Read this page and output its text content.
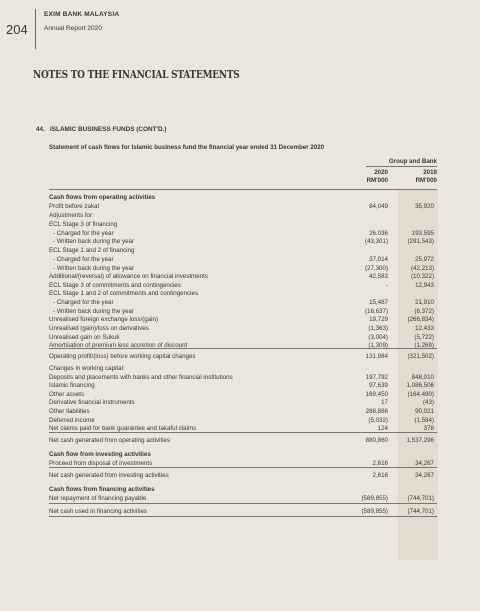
204
EXIM BANK MALAYSIA
Annual Report 2020
NOTES TO THE FINANCIAL STATEMENTS
44. ISLAMIC BUSINESS FUNDS (CONT'D.)
Statement of cash flows for Islamic business fund the financial year ended 31 December 2020
Group and Bank
2020	2019
RM'000	RM'000
Cash flows from operating activities
Profit before zakat	84,049	35,920
Adjustments for:
ECL Stage 3 of financing
- Charged for the year	26,036	193,595
- Written back during the year	(43,301)	(291,543)
ECL Stage 1 and 2 of financing
- Charged for the year	37,014	25,972
- Written back during the year	(27,300)	(42,213)
Additional/(reversal) of allowance on financial investments	42,583	(10,322)
ECL Stage 3 of commitments and contingencies	-	12,943
ECL Stage 1 and 2 of commitments and contingencies
- Charged for the year	15,487	21,910
- Written back during the year	(16,637)	(6,372)
Unrealised foreign exchange loss/(gain)	19,729	(266,834)
Unrealised (gain)/loss on derivatives	(1,363)	12,433
Unrealised gain on Sukuk	(3,004)	(5,722)
Amortisation of premium less accretion of discount	(1,309)	(1,269)
Operating profit/(loss) before working capital changes	131,984	(321,502)
Changes in working capital:
Deposits and placements with banks and other financial institutions	197,792	848,010
Islamic financing	97,639	1,086,506
Other assets	169,450	(164,490)
Derivative financial instruments	17	(43)
Other liabilities	288,886	90,021
Deferred income	(5,032)	(1,584)
Net claims paid for bank guarantee and takaful claims	124	378
Net cash generated from operating activities	880,860	1,537,296
Cash flow from investing activities
Proceed from disposal of investments	2,616	34,267
Net cash generated from investing activities	2,616	34,267
Cash flows from financing activities
Net repayment of financing payable	(589,855)	(744,701)
Net cash used in financing activities	(589,855)	(744,701)
